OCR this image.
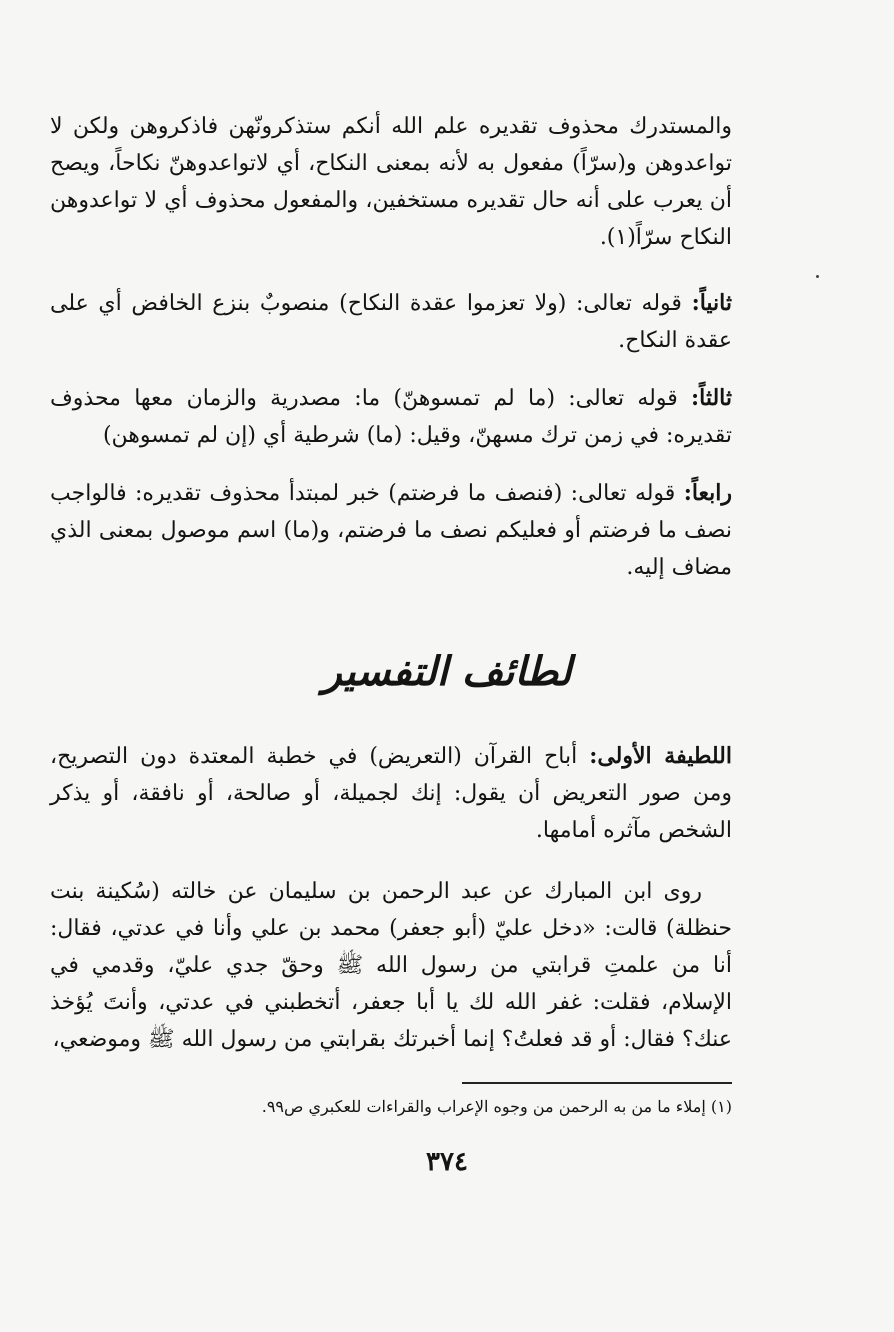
والمستدرك محذوف تقديره علم الله أنكم ستذكرونّهن فاذكروهن ولكن لا تواعدوهن و(سرّاً) مفعول به لأنه بمعنى النكاح، أي لاتواعدوهنّ نكاحاً، ويصح أن يعرب على أنه حال تقديره مستخفين، والمفعول محذوف أي لا تواعدوهن النكاح سرّاً(١).
ثانياً: قوله تعالى: (ولا تعزموا عقدة النكاح) منصوبٌ بنزع الخافض أي على عقدة النكاح.
ثالثاً: قوله تعالى: (ما لم تمسوهنّ) ما: مصدرية والزمان معها محذوف تقديره: في زمن ترك مسهنّ، وقيل: (ما) شرطية أي (إن لم تمسوهن)
رابعاً: قوله تعالى: (فنصف ما فرضتم) خبر لمبتدأ محذوف تقديره: فالواجب نصف ما فرضتم أو فعليكم نصف ما فرضتم، و(ما) اسم موصول بمعنى الذي مضاف إليه.
لطائف التفسير
اللطيفة الأولى: أباح القرآن (التعريض) في خطبة المعتدة دون التصريح، ومن صور التعريض أن يقول: إنك لجميلة، أو صالحة، أو نافقة، أو يذكر الشخص مآثره أمامها.
روى ابن المبارك عن عبد الرحمن بن سليمان عن خالته (سُكينة بنت حنظلة) قالت: «دخل عليّ (أبو جعفر) محمد بن علي وأنا في عدتي، فقال: أنا من علمتِ قرابتي من رسول الله ﷺ وحقّ جدي عليّ، وقدمي في الإسلام، فقلت: غفر الله لك يا أبا جعفر، أتخطبني في عدتي، وأنتَ يُؤخذ عنك؟ فقال: أو قد فعلتُ؟ إنما أخبرتك بقرابتي من رسول الله ﷺ وموضعي،
(١) إملاء ما من به الرحمن من وجوه الإعراب والقراءات للعكبري ص٩٩.
٣٧٤
